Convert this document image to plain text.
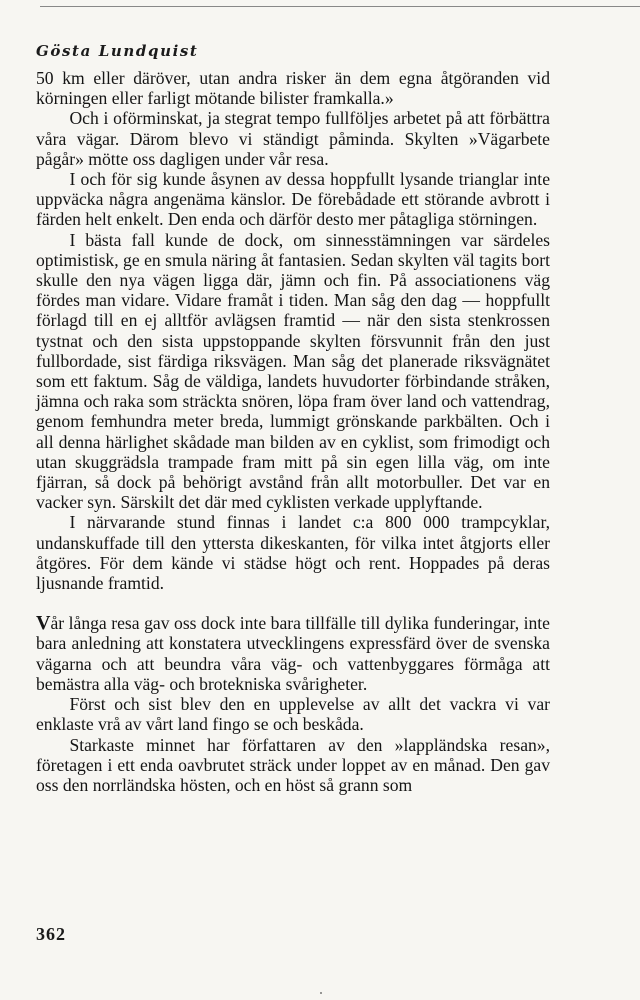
Gösta Lundquist

50 km eller däröver, utan andra risker än dem egna åtgöranden vid körningen eller farligt mötande bilister framkalla.»

Och i oförminskat, ja stegrat tempo fullföljes arbetet på att förbättra våra vägar. Därom blevo vi ständigt påminda. Skylten »Vägarbete pågår» mötte oss dagligen under vår resa.

I och för sig kunde åsynen av dessa hoppfullt lysande trianglar inte uppväcka några angenäma känslor. De förebådade ett störande avbrott i färden helt enkelt. Den enda och därför desto mer påtagliga störningen.

I bästa fall kunde de dock, om sinnesstämningen var särdeles optimistisk, ge en smula näring åt fantasien. Sedan skylten väl tagits bort skulle den nya vägen ligga där, jämn och fin. På associationens väg fördes man vidare. Vidare framåt i tiden. Man såg den dag — hoppfullt förlagd till en ej alltför avlägsen framtid — när den sista stenkrossen tystnat och den sista uppstoppande skylten försvunnit från den just fullbordade, sist färdiga riksvägen. Man såg det planerade riksvägnätet som ett faktum. Såg de väldiga, landets huvudorter förbindande stråken, jämna och raka som sträckta snören, löpa fram över land och vattendrag, genom femhundra meter breda, lummigt grönskande parkbälten. Och i all denna härlighet skådade man bilden av en cyklist, som frimodigt och utan skuggrädsla trampade fram mitt på sin egen lilla väg, om inte fjärran, så dock på behörigt avstånd från allt motorbuller. Det var en vacker syn. Särskilt det där med cyklisten verkade upplyftande.

I närvarande stund finnas i landet c:a 800 000 trampcyklar, undanskuffade till den yttersta dikeskanten, för vilka intet åtgjorts eller åtgöres. För dem kände vi städse högt och rent. Hoppades på deras ljusnande framtid.

Vår långa resa gav oss dock inte bara tillfälle till dylika funderingar, inte bara anledning att konstatera utvecklingens expressfärd över de svenska vägarna och att beundra våra väg- och vattenbyggares förmåga att bemästra alla väg- och brotekniska svårigheter.

Först och sist blev den en upplevelse av allt det vackra vi var enklaste vrå av vårt land fingo se och beskåda.

Starkaste minnet har författaren av den »lappländska resan», företagen i ett enda oavbrutet sträck under loppet av en månad. Den gav oss den norrländska hösten, och en höst så grann som

362
